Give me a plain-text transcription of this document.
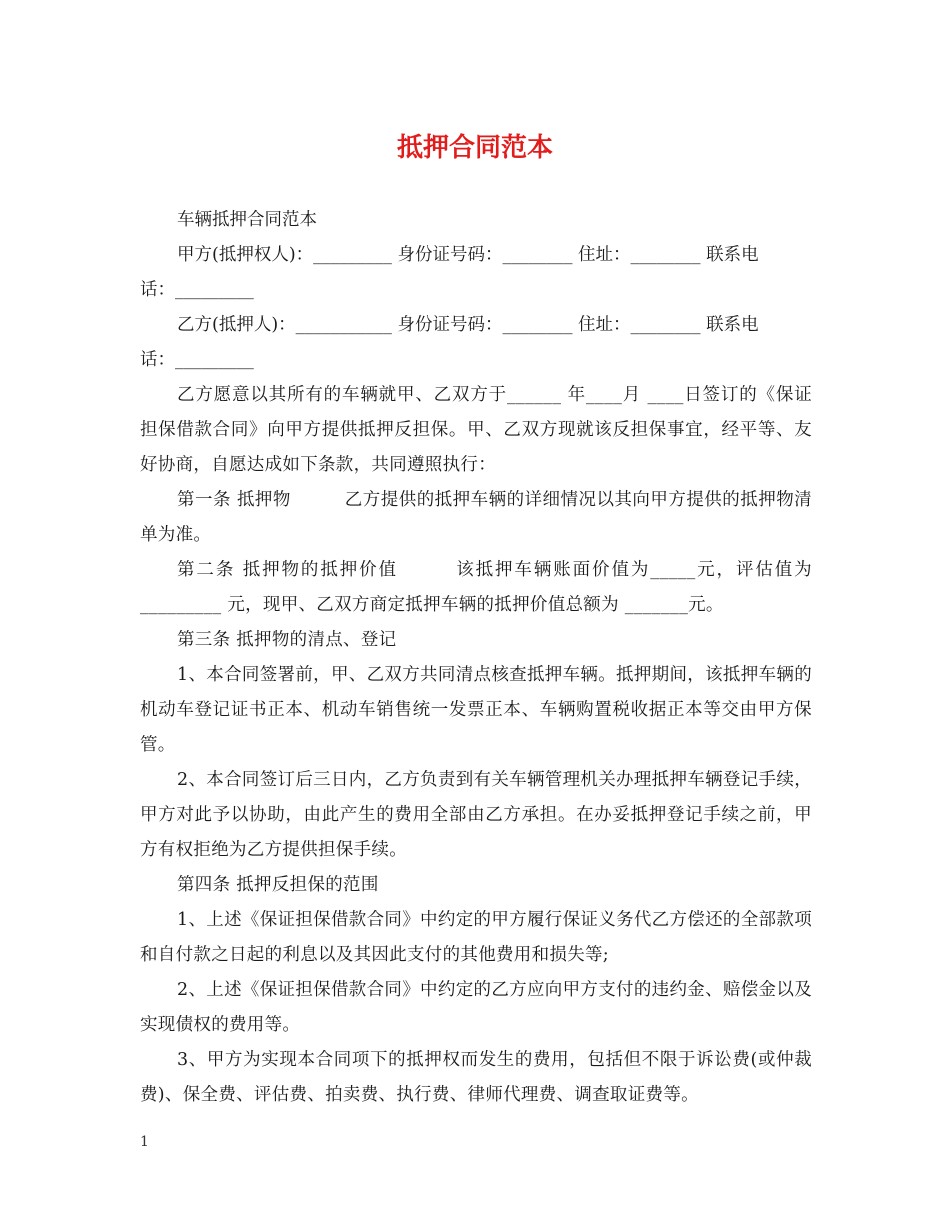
抵押合同范本

车辆抵押合同范本

甲方(抵押权人)：_________ 身份证号码：________ 住址：________ 联系电

话：_________

乙方(抵押人)：___________ 身份证号码：________ 住址：________ 联系电

话：_________

乙方愿意以其所有的车辆就甲、乙双方于______ 年____月 ____日签订的《保证担保借款合同》向甲方提供抵押反担保。甲、乙双方现就该反担保事宜，经平等、友好协商，自愿达成如下条款，共同遵照执行：

第一条 抵押物　　　乙方提供的抵押车辆的详细情况以其向甲方提供的抵押物清单为准。

第二条 抵押物的抵押价值　　　该抵押车辆账面价值为_____元，评估值为_________ 元，现甲、乙双方商定抵押车辆的抵押价值总额为 _______元。

第三条 抵押物的清点、登记

1、本合同签署前，甲、乙双方共同清点核查抵押车辆。抵押期间，该抵押车辆的机动车登记证书正本、机动车销售统一发票正本、车辆购置税收据正本等交由甲方保管。

2、本合同签订后三日内，乙方负责到有关车辆管理机关办理抵押车辆登记手续，甲方对此予以协助，由此产生的费用全部由乙方承担。在办妥抵押登记手续之前，甲方有权拒绝为乙方提供担保手续。

第四条 抵押反担保的范围

1、上述《保证担保借款合同》中约定的甲方履行保证义务代乙方偿还的全部款项和自付款之日起的利息以及其因此支付的其他费用和损失等;

2、上述《保证担保借款合同》中约定的乙方应向甲方支付的违约金、赔偿金以及实现债权的费用等。

3、甲方为实现本合同项下的抵押权而发生的费用，包括但不限于诉讼费(或仲裁费)、保全费、评估费、拍卖费、执行费、律师代理费、调查取证费等。

1
